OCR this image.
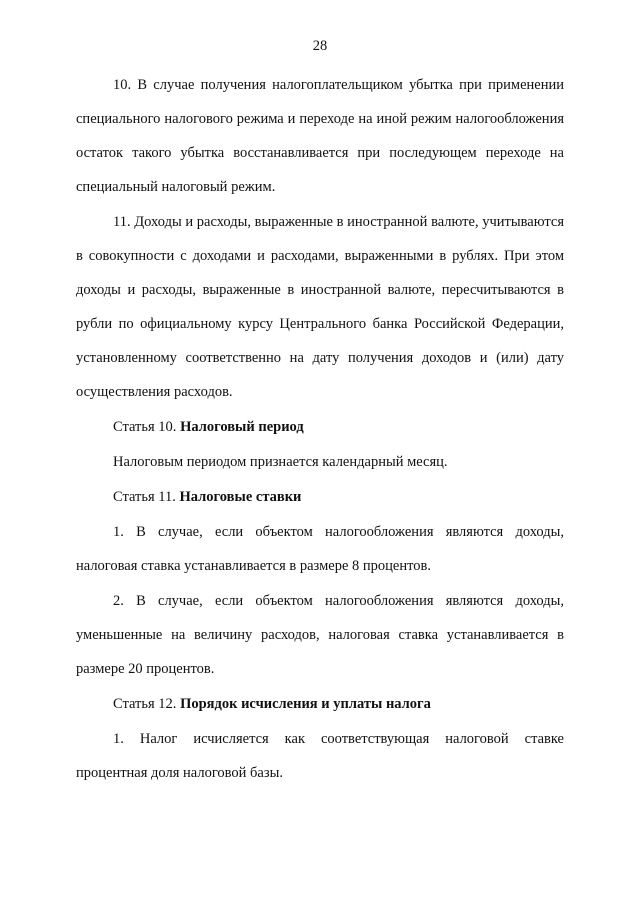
28

10. В случае получения налогоплательщиком убытка при применении специального налогового режима и переходе на иной режим налогообложения остаток такого убытка восстанавливается при последующем переходе на специальный налоговый режим.

11. Доходы и расходы, выраженные в иностранной валюте, учитываются в совокупности с доходами и расходами, выраженными в рублях. При этом доходы и расходы, выраженные в иностранной валюте, пересчитываются в рубли по официальному курсу Центрального банка Российской Федерации, установленному соответственно на дату получения доходов и (или) дату осуществления расходов.

Статья 10. Налоговый период

Налоговым периодом признается календарный месяц.

Статья 11. Налоговые ставки

1. В случае, если объектом налогообложения являются доходы, налоговая ставка устанавливается в размере 8 процентов.

2. В случае, если объектом налогообложения являются доходы, уменьшенные на величину расходов, налоговая ставка устанавливается в размере 20 процентов.

Статья 12. Порядок исчисления и уплаты налога

1. Налог исчисляется как соответствующая налоговой ставке процентная доля налоговой базы.
